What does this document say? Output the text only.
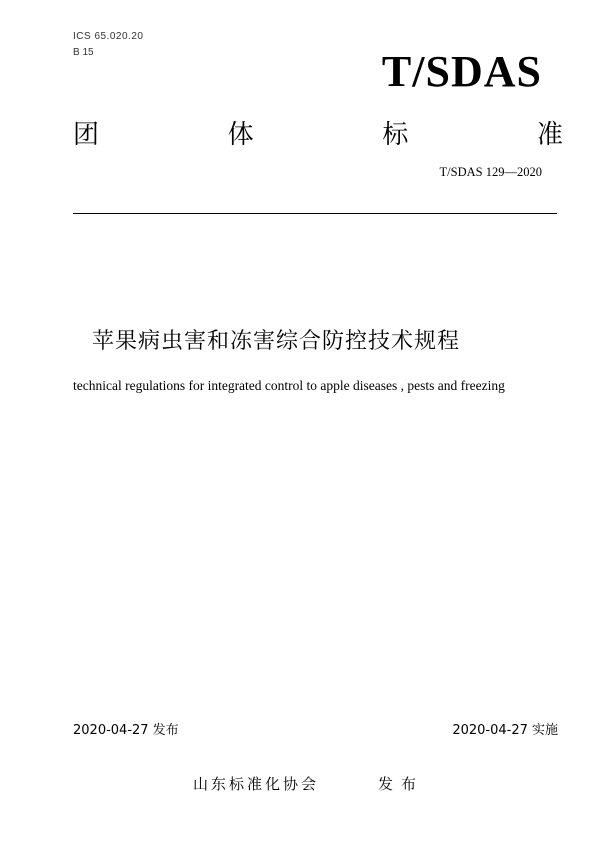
ICS 65.020.20
B 15	T/SDAS
团	体	标	准
T/SDAS 129—2020
苹果病虫害和冻害综合防控技术规程
technical regulations for integrated control to apple diseases , pests and freezing
2020-04-27 发布	2020-04-27 实施
山东标准化协会	发布
